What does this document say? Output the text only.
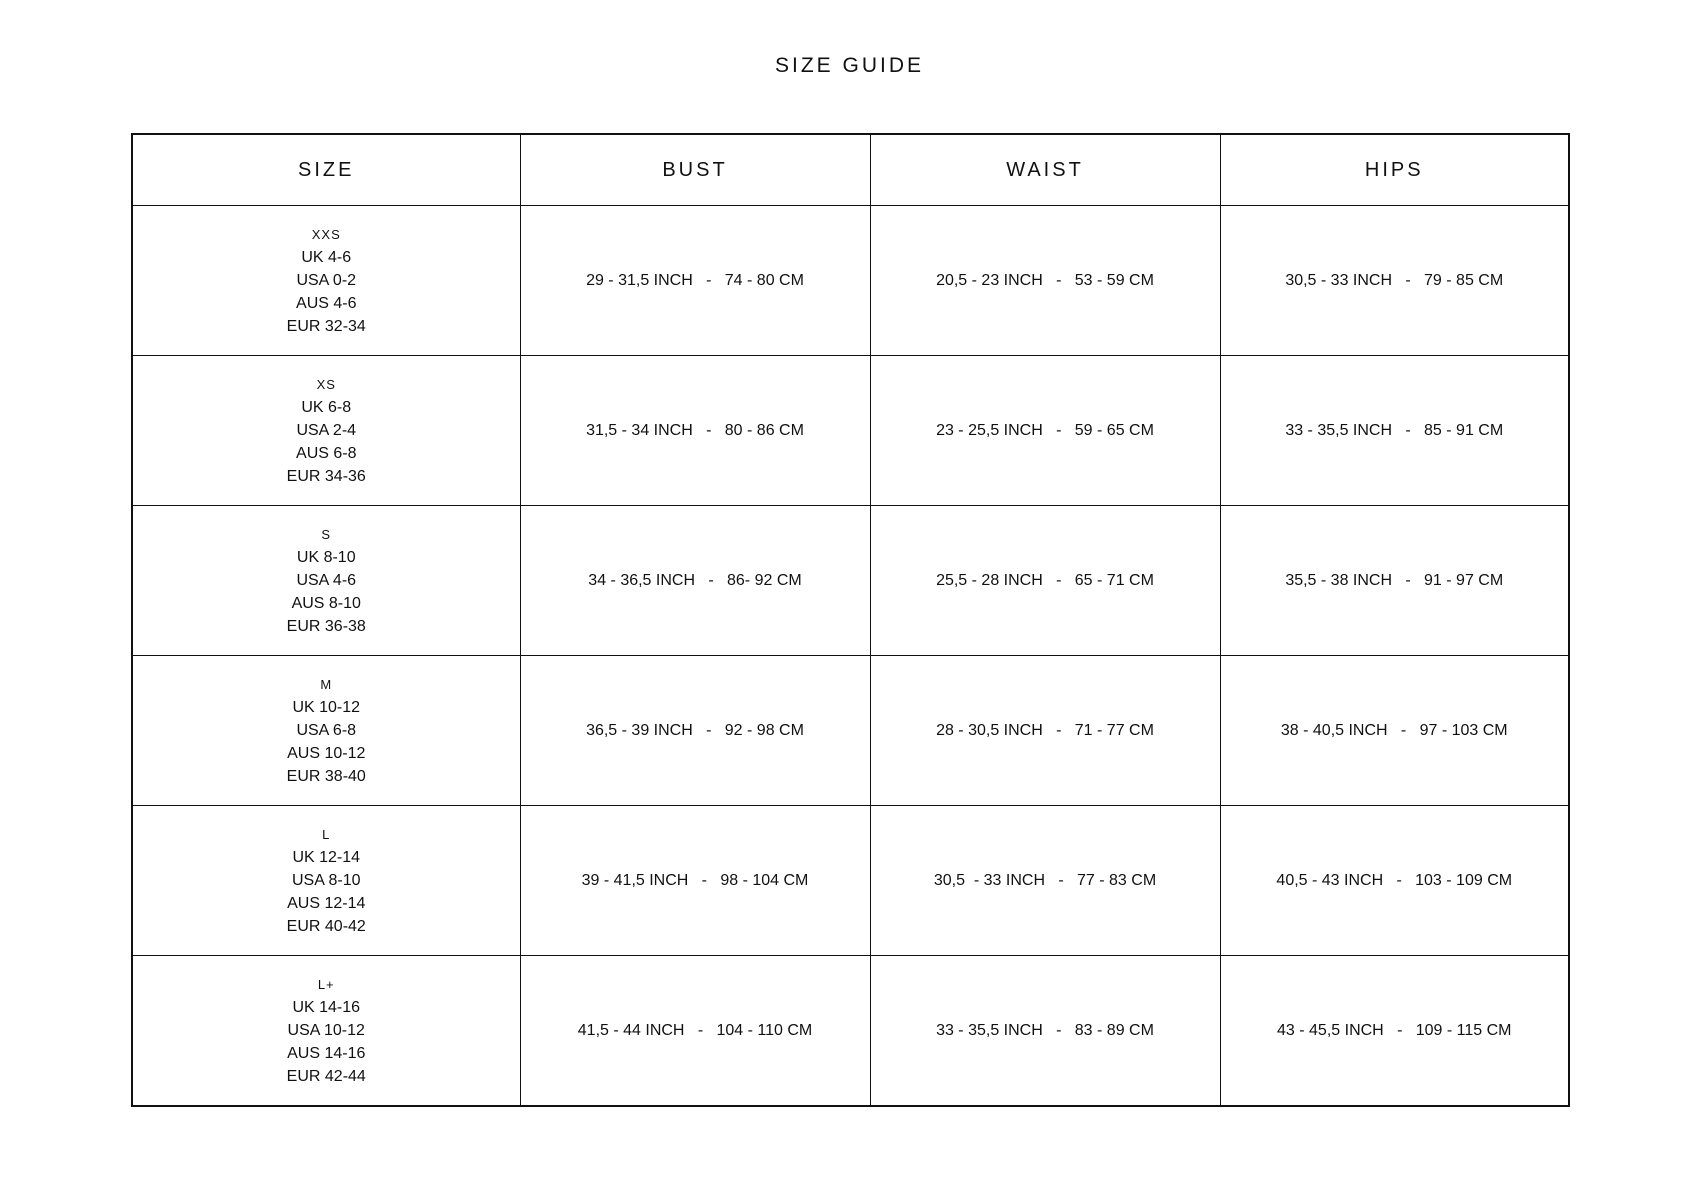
SIZE GUIDE
SIZE	BUST	WAIST	HIPS

XXS
UK 4-6
USA 0-2
AUS 4-6
EUR 32-34	29 - 31,5 INCH   -   74 - 80 CM	20,5 - 23 INCH   -   53 - 59 CM	30,5 - 33 INCH   -   79 - 85 CM

XS
UK 6-8
USA 2-4
AUS 6-8
EUR 34-36	31,5 - 34 INCH   -   80 - 86 CM	23 - 25,5 INCH   -   59 - 65 CM	33 - 35,5 INCH   -   85 - 91 CM

S
UK 8-10
USA 4-6
AUS 8-10
EUR 36-38	34 - 36,5 INCH   -   86- 92 CM	25,5 - 28 INCH   -   65 - 71 CM	35,5 - 38 INCH   -   91 - 97 CM

M
UK 10-12
USA 6-8
AUS 10-12
EUR 38-40	36,5 - 39 INCH   -   92 - 98 CM	28 - 30,5 INCH   -   71 - 77 CM	38 - 40,5 INCH   -   97 - 103 CM

L
UK 12-14
USA 8-10
AUS 12-14
EUR 40-42	39 - 41,5 INCH   -   98 - 104 CM	30,5  - 33 INCH   -   77 - 83 CM	40,5 - 43 INCH   -   103 - 109 CM

L+
UK 14-16
USA 10-12
AUS 14-16
EUR 42-44	41,5 - 44 INCH   -   104 - 110 CM	33 - 35,5 INCH   -   83 - 89 CM	43 - 45,5 INCH   -   109 - 115 CM
